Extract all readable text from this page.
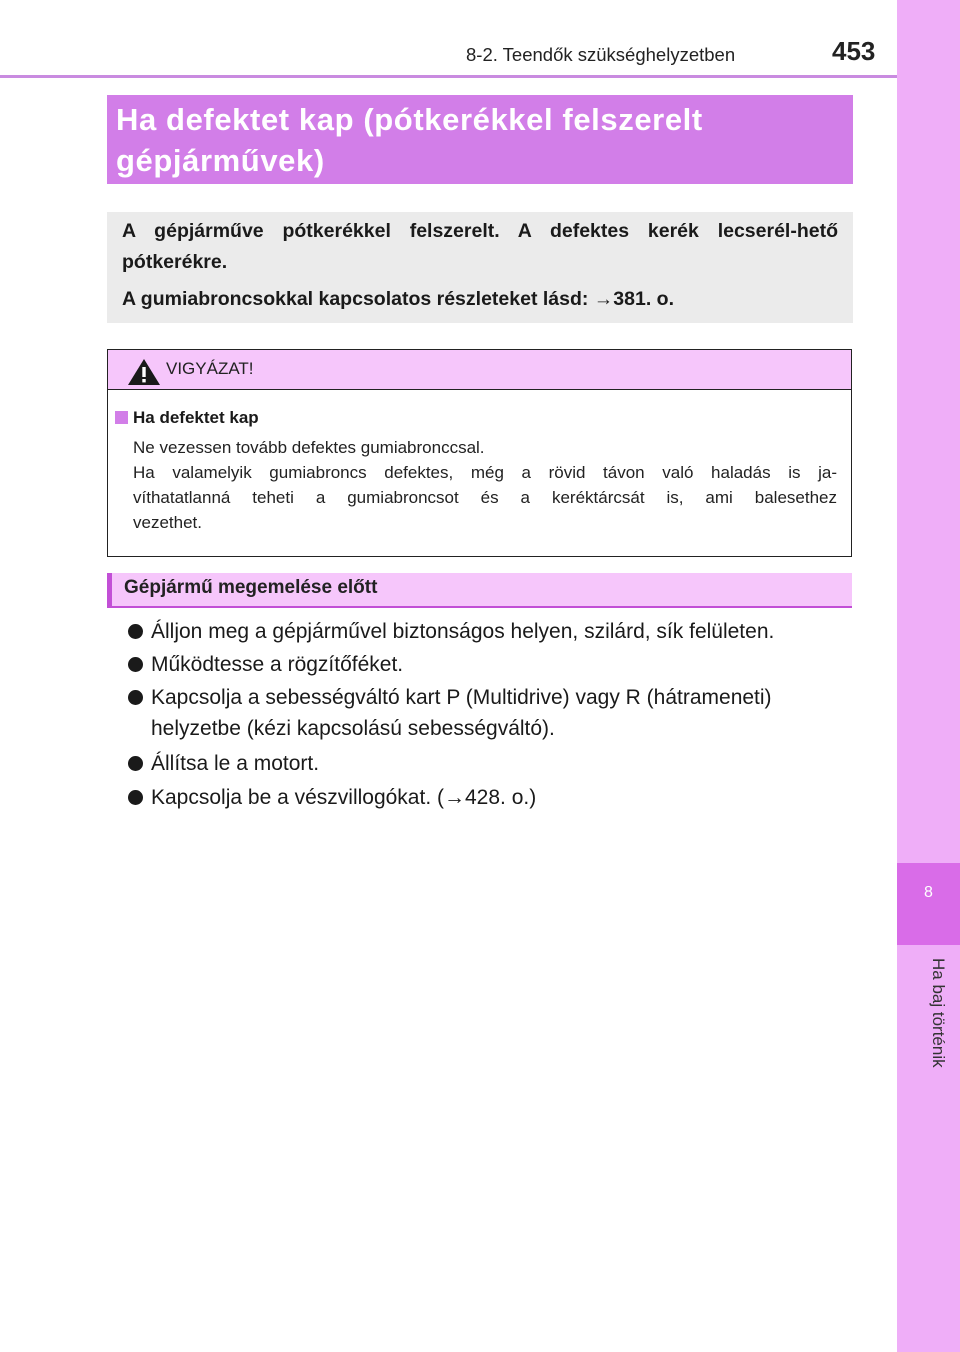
8-2. Teendők szükséghelyzetben	453
8
Ha baj történik
Ha defektet kap (pótkerékkel felszerelt
gépjárművek)
A gépjárműve pótkerékkel felszerelt. A defektes kerék lecserél-hető pótkerékre.
A gumiabroncsokkal kapcsolatos részleteket lásd: →381. o.
VIGYÁZAT!
Ha defektet kap
Ne vezessen tovább defektes gumiabronccsal.
Ha valamelyik gumiabroncs defektes, még a rövid távon való haladás is ja-
víthatatlanná teheti a gumiabroncsot és a keréktárcsát is, ami balesethez
vezethet.
Gépjármű megemelése előtt
Álljon meg a gépjárművel biztonságos helyen, szilárd, sík felületen.
Működtesse a rögzítőféket.
Kapcsolja a sebességváltó kart P (Multidrive) vagy R (hátrameneti)
helyzetbe (kézi kapcsolású sebességváltó).
Állítsa le a motort.
Kapcsolja be a vészvillogókat. (→428. o.)
